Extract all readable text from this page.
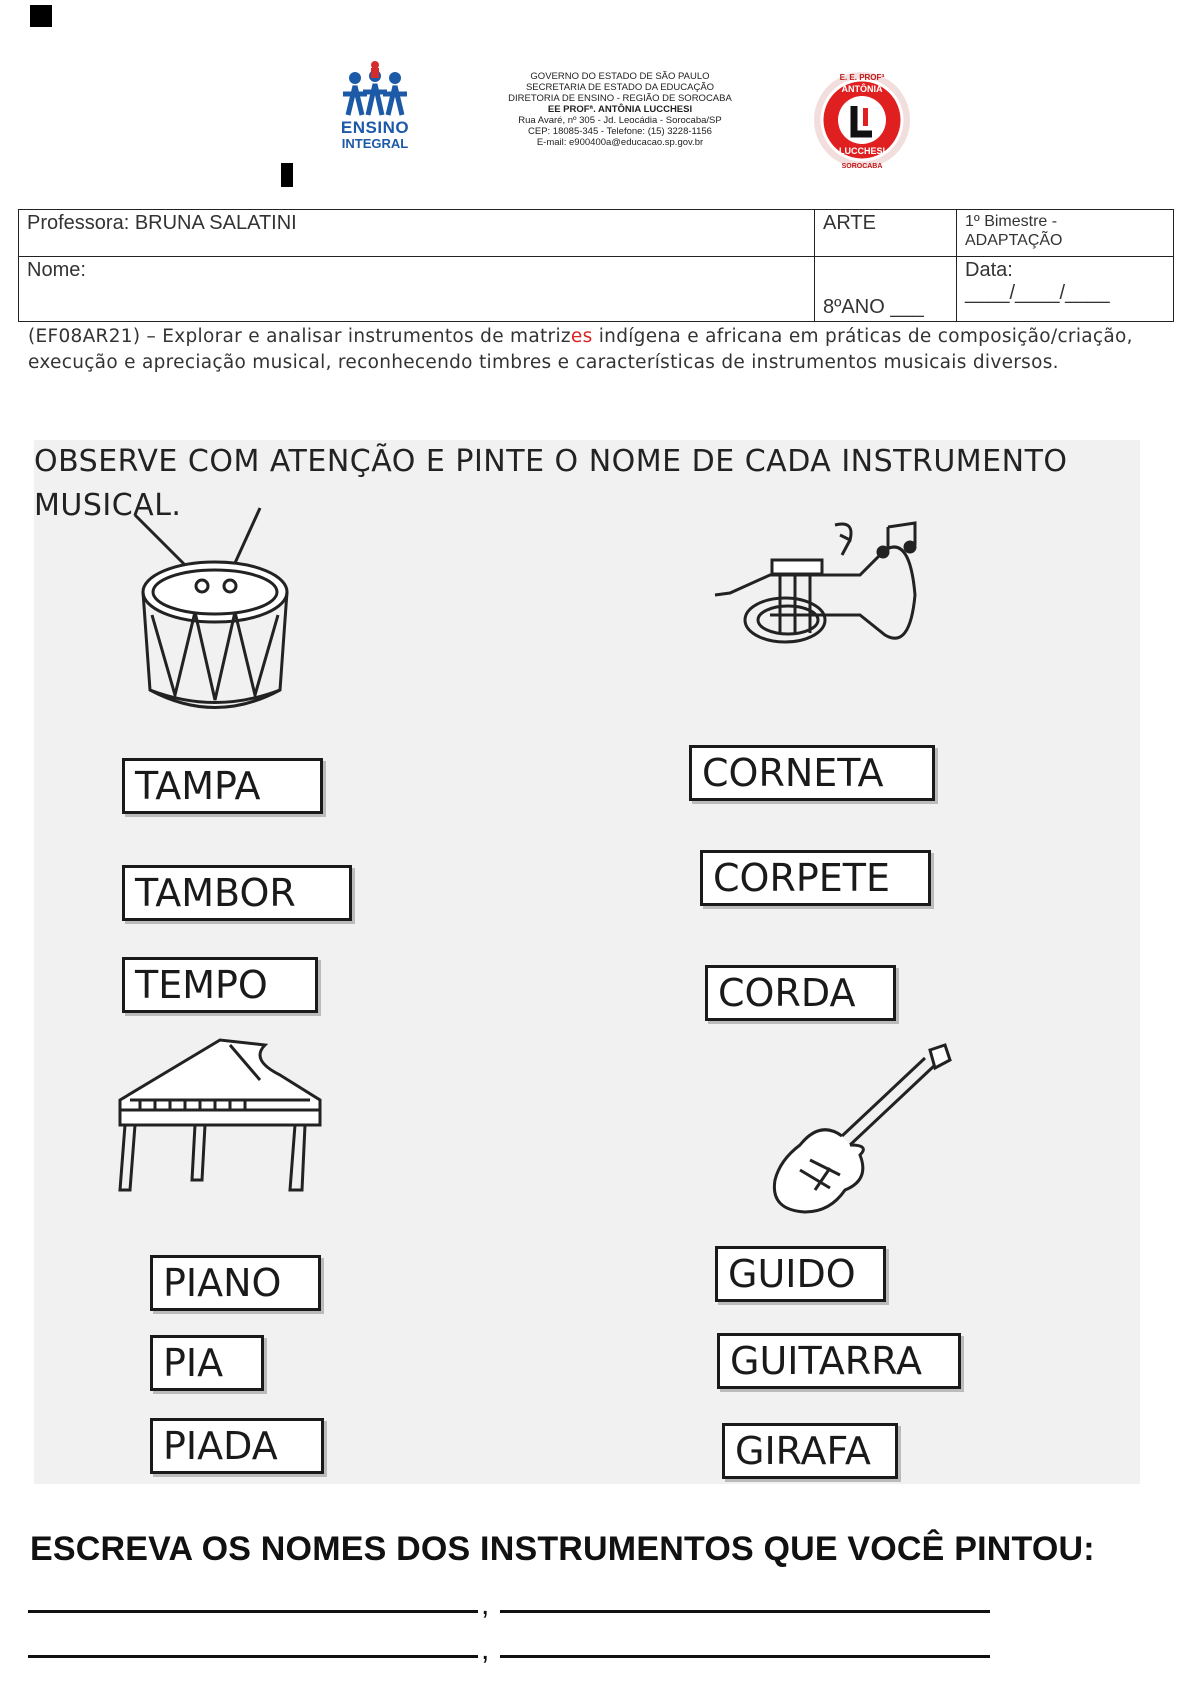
ENSINO
INTEGRAL
GOVERNO DO ESTADO DE SÃO PAULO
SECRETARIA DE ESTADO DA EDUCAÇÃO
DIRETORIA DE ENSINO - REGIÃO DE SOROCABA
EE PROFª. ANTÔNIA LUCCHESI
Rua Avaré, nº 305 - Jd. Leocádia - Sorocaba/SP
CEP: 18085-345 - Telefone: (15) 3228-1156
E-mail: e900400a@educacao.sp.gov.br
E. E. PROFª
ANTÔNIA
LUCCHESI
SOROCABA
Professora: BRUNA SALATINI	ARTE	1º Bimestre -
ADAPTAÇÃO

Nome:	8ºANO ___	Data:
____/____/____
(EF08AR21) – Explorar e analisar instrumentos de matrizes indígena e africana em práticas de composição/criação, execução e apreciação musical, reconhecendo timbres e características de instrumentos musicais diversos.
OBSERVE COM ATENÇÃO E PINTE O NOME DE CADA INSTRUMENTO
MUSICAL.
TAMPA
TAMBOR
TEMPO
CORNETA
CORPETE
CORDA
PIANO
PIA
PIADA
GUIDO
GUITARRA
GIRAFA
ESCREVA OS NOMES DOS INSTRUMENTOS QUE VOCÊ PINTOU:
,
,
